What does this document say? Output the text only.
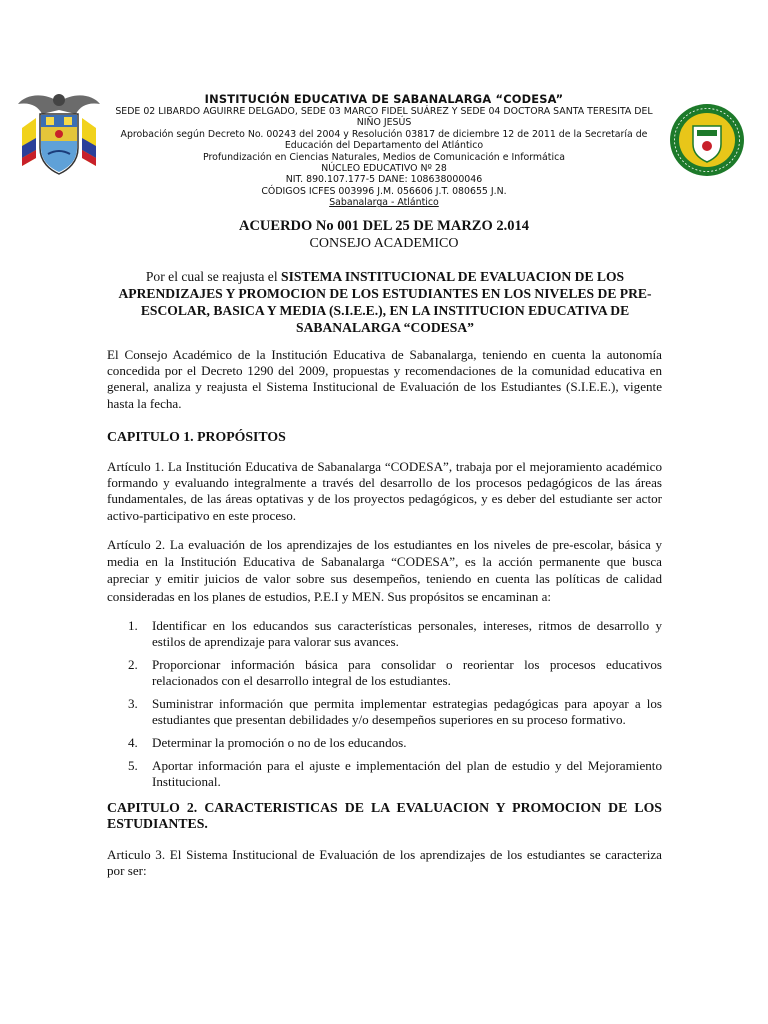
INSTITUCIÓN EDUCATIVA DE SABANALARGA “CODESA”
SEDE 02 LIBARDO AGUIRRE DELGADO, SEDE 03 MARCO FIDEL SUÁREZ Y SEDE 04 DOCTORA SANTA TERESITA DEL NIÑO JESÚS
Aprobación según Decreto No. 00243 del 2004 y Resolución 03817 de diciembre 12 de 2011 de la Secretaría de Educación del Departamento del Atlántico
Profundización en Ciencias Naturales, Medios de Comunicación e Informática
NÚCLEO EDUCATIVO Nº 28
NIT. 890.107.177-5 DANE: 108638000046
CÓDIGOS ICFES 003996 J.M. 056606 J.T. 080655 J.N.
Sabanalarga - Atlántico
ACUERDO No 001 DEL 25 DE MARZO 2.014
CONSEJO ACADEMICO
Por el cual se reajusta el SISTEMA INSTITUCIONAL DE EVALUACION DE LOS APRENDIZAJES Y PROMOCION DE LOS ESTUDIANTES EN LOS NIVELES DE PRE-ESCOLAR, BASICA Y MEDIA (S.I.E.E.), EN LA INSTITUCION EDUCATIVA DE SABANALARGA “CODESA”
El Consejo Académico de la Institución Educativa de Sabanalarga, teniendo en cuenta la autonomía concedida por el Decreto 1290 del 2009, propuestas y recomendaciones de la comunidad educativa en general, analiza y reajusta el Sistema Institucional de Evaluación de los Estudiantes (S.I.E.E.), vigente hasta la fecha.
CAPITULO 1. PROPÓSITOS
Artículo 1. La Institución Educativa de Sabanalarga “CODESA”, trabaja por el mejoramiento académico formando y evaluando integralmente a través del desarrollo de los procesos pedagógicos de las áreas fundamentales, de las áreas optativas y de los proyectos pedagógicos, y es deber del estudiante ser actor activo-participativo en este proceso.
Artículo 2. La evaluación de los aprendizajes de los estudiantes en los niveles de pre-escolar, básica y media en la Institución Educativa de Sabanalarga “CODESA”, es la acción permanente que busca apreciar y emitir juicios de valor sobre sus desempeños, teniendo en cuenta las políticas de calidad consideradas en los planes de estudios, P.E.I y MEN. Sus propósitos se encaminan a:
1.	Identificar en los educandos sus características personales, intereses, ritmos de desarrollo y estilos de aprendizaje para valorar sus avances.
2.	Proporcionar información básica para consolidar o reorientar los procesos educativos relacionados con el desarrollo integral de los estudiantes.
3.	Suministrar información que permita implementar estrategias pedagógicas para apoyar a los estudiantes que presentan debilidades y/o desempeños superiores en su proceso formativo.
4.	Determinar la promoción o no de los educandos.
5.	Aportar información para el ajuste e implementación del plan de estudio y del Mejoramiento Institucional.
CAPITULO 2. CARACTERISTICAS DE LA EVALUACION Y PROMOCION DE LOS ESTUDIANTES.
Articulo 3. El Sistema Institucional de Evaluación de los aprendizajes de los estudiantes se caracteriza por ser:
